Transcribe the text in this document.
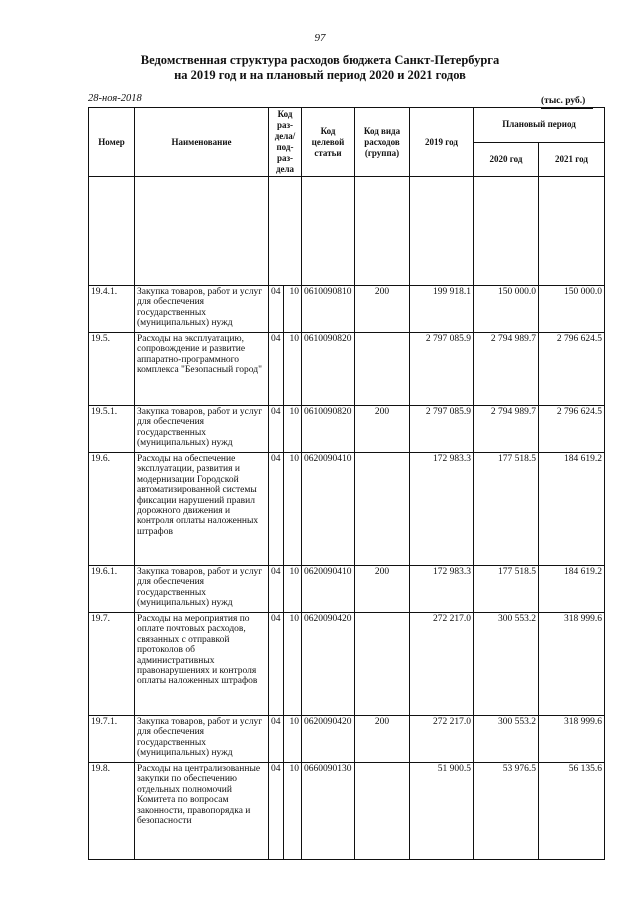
97
Ведомственная структура расходов бюджета Санкт-Петербурга
на 2019 год и на плановый период 2020 и 2021 годов
28-ноя-2018	(тыс. руб.)
Номер	Наименование	Код раз- дела/ под- раз- дела		Код целевой статьи	Код вида расходов (группа)	2019 год	Плановый период	
							2020 год	2021 год

19.4.1.	Закупка товаров, работ и услуг для обеспечения государственных (муниципальных) нужд	04	10	0610090810	200	199 918.1	150 000.0	150 000.0
19.5.	Расходы на эксплуатацию, сопровождение и развитие аппаратно-программного комплекса "Безопасный город"	04	10	0610090820		2 797 085.9	2 794 989.7	2 796 624.5
19.5.1.	Закупка товаров, работ и услуг для обеспечения государственных (муниципальных) нужд	04	10	0610090820	200	2 797 085.9	2 794 989.7	2 796 624.5
19.6.	Расходы на обеспечение эксплуатации, развития и модернизации Городской автоматизированной системы фиксации нарушений правил дорожного движения и контроля оплаты наложенных штрафов	04	10	0620090410		172 983.3	177 518.5	184 619.2
19.6.1.	Закупка товаров, работ и услуг для обеспечения государственных (муниципальных) нужд	04	10	0620090410	200	172 983.3	177 518.5	184 619.2
19.7.	Расходы на мероприятия по оплате почтовых расходов, связанных с отправкой протоколов об административных правонарушениях и контроля оплаты наложенных штрафов	04	10	0620090420		272 217.0	300 553.2	318 999.6
19.7.1.	Закупка товаров, работ и услуг для обеспечения государственных (муниципальных) нужд	04	10	0620090420	200	272 217.0	300 553.2	318 999.6
19.8.	Расходы на централизованные закупки по обеспечению отдельных полномочий Комитета по вопросам законности, правопорядка и безопасности	04	10	0660090130		51 900.5	53 976.5	56 135.6
